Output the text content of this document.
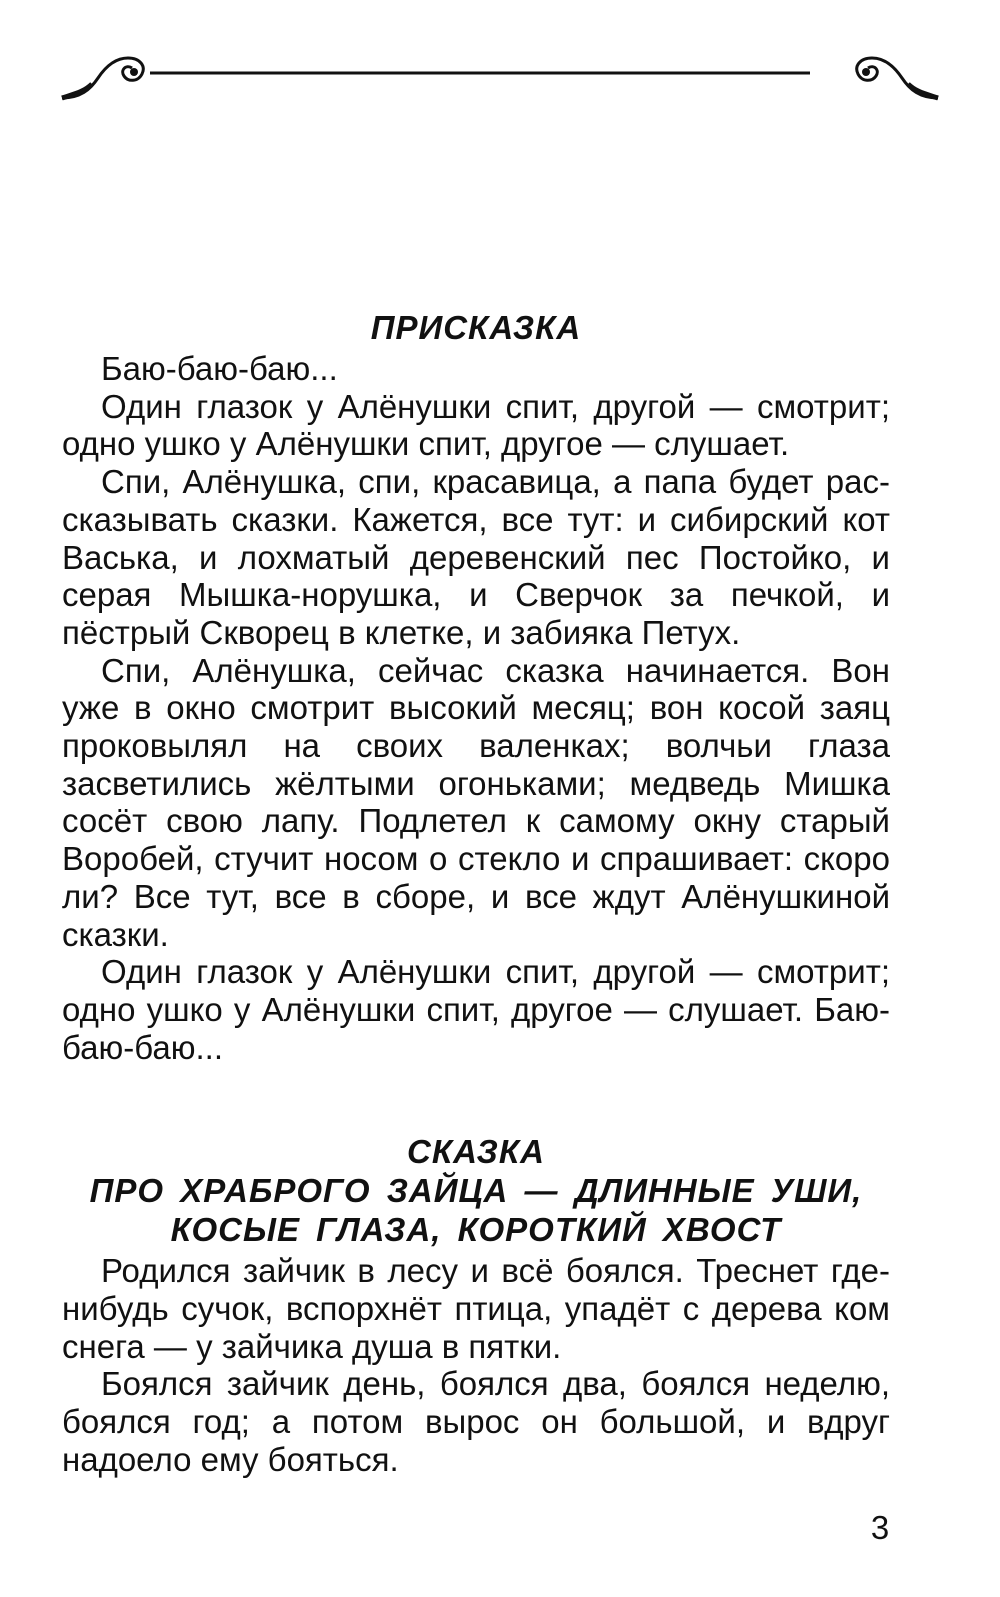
ПРИСКАЗКА

Баю-баю-баю...

Один глазок у Алёнушки спит, другой — смотрит; одно ушко у Алёнушки спит, другое — слушает.

Спи, Алёнушка, спи, красавица, а папа будет рассказывать сказки. Кажется, все тут: и сибирский кот Васька, и лохматый деревенский пес Постойко, и серая Мышка-норушка, и Сверчок за печкой, и пёстрый Скворец в клетке, и забияка Петух.

Спи, Алёнушка, сейчас сказка начинается. Вон уже в окно смотрит высокий месяц; вон косой заяц проковылял на своих валенках; волчьи глаза засветились жёлтыми огоньками; медведь Мишка сосёт свою лапу. Подлетел к самому окну старый Воробей, стучит носом о стекло и спрашивает: скоро ли? Все тут, все в сборе, и все ждут Алёнушкиной сказки.

Один глазок у Алёнушки спит, другой — смотрит; одно ушко у Алёнушки спит, другое — слушает. Баю-баю-баю...

СКАЗКА
ПРО ХРАБРОГО ЗАЙЦА — ДЛИННЫЕ УШИ,
КОСЫЕ ГЛАЗА, КОРОТКИЙ ХВОСТ

Родился зайчик в лесу и всё боялся. Треснет где-нибудь сучок, вспорхнёт птица, упадёт с дерева ком снега — у зайчика душа в пятки.

Боялся зайчик день, боялся два, боялся неделю, боялся год; а потом вырос он большой, и вдруг надоело ему бояться.

3
